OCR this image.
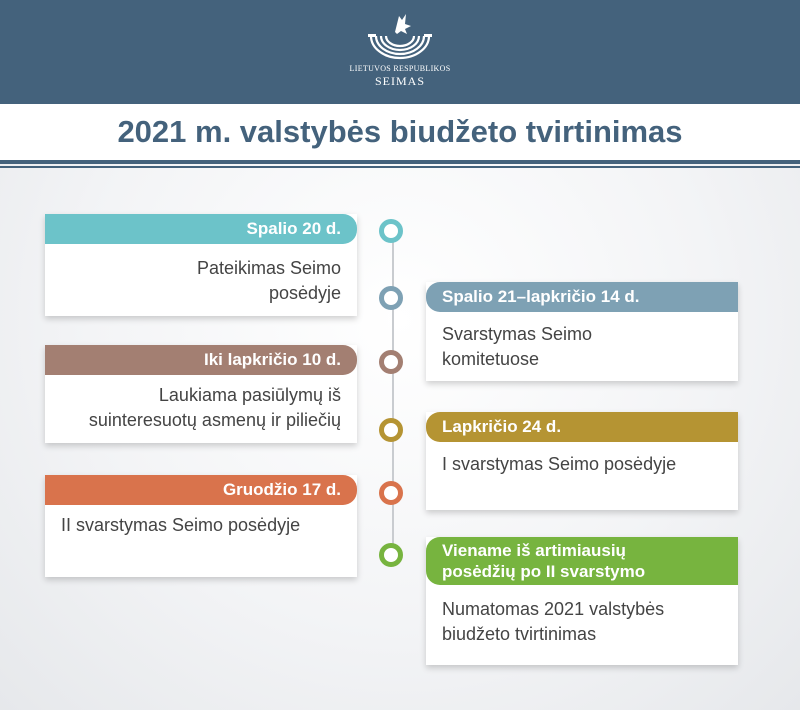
LIETUVOS RESPUBLIKOS
SEIMAS
2021 m. valstybės biudžeto tvirtinimas
Spalio 20 d.
Pateikimas Seimo posėdyje	Spalio 21–lapkričio 14 d.
Svarstymas Seimo komitetuose
Iki lapkričio 10 d.
Laukiama pasiūlymų iš suinteresuotų asmenų ir piliečių	Lapkričio 24 d.
I svarstymas Seimo posėdyje
Gruodžio 17 d.
II svarstymas Seimo posėdyje
Viename iš artimiausių posėdžių po II svarstymo
Numatomas 2021 valstybės biudžeto tvirtinimas
